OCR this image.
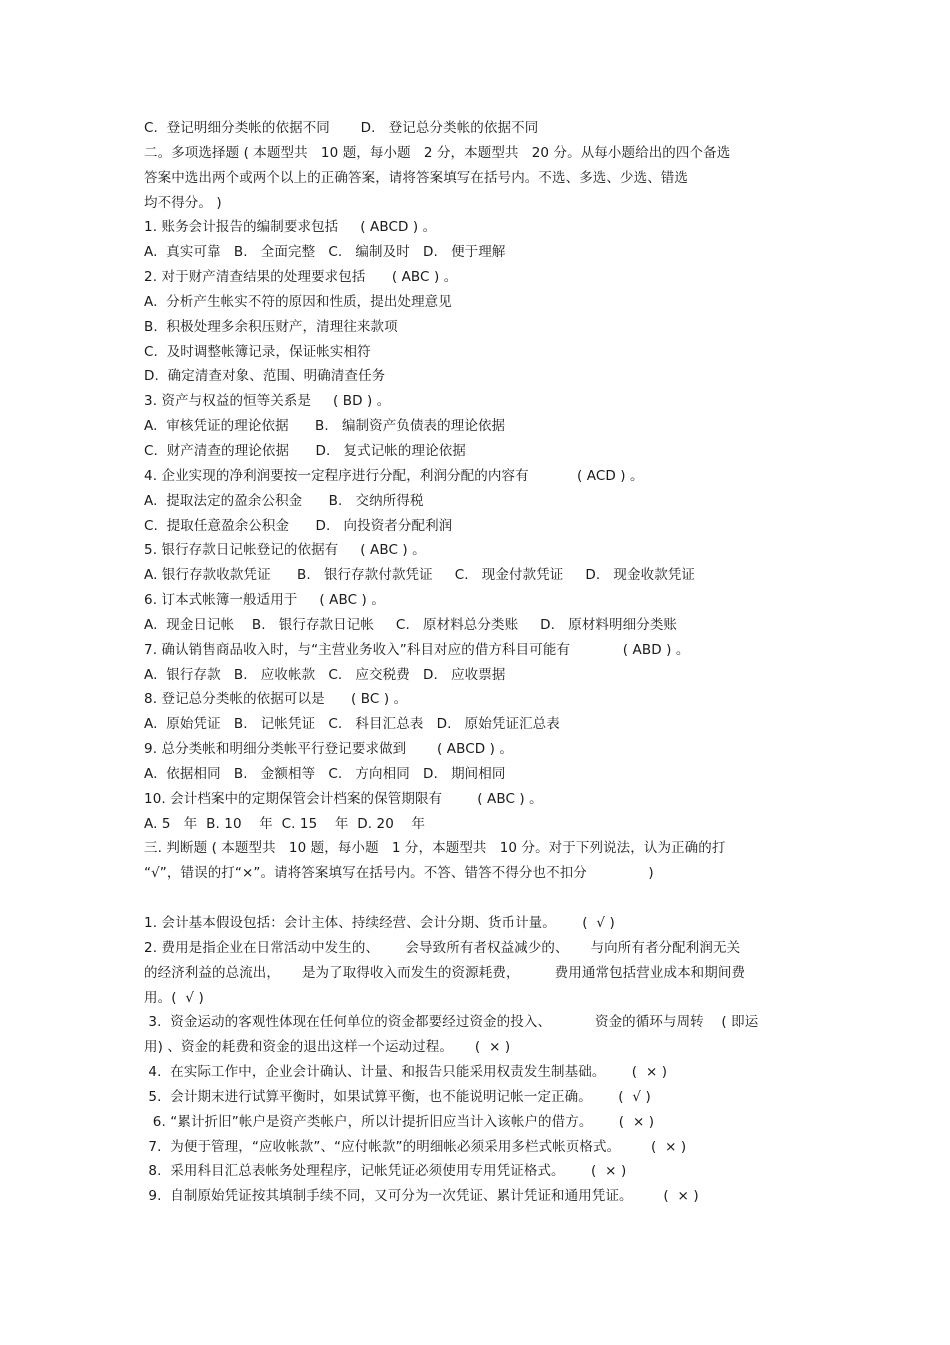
C.  登记明细分类帐的依据不同       D.   登记总分类帐的依据不同
二。多项选择题 ( 本题型共   10 题，每小题   2 分，本题型共   20 分。从每小题给出的四个备选
答案中选出两个或两个以上的正确答案，请将答案填写在括号内。不选、多选、少选、错选
均不得分。 )
1. 账务会计报告的编制要求包括     ( ABCD ) 。
A.  真实可靠   B.   全面完整   C.   编制及时   D.   便于理解
2. 对于财产清查结果的处理要求包括      ( ABC ) 。
A.  分析产生帐实不符的原因和性质，提出处理意见
B.  积极处理多余积压财产，清理往来款项
C.  及时调整帐簿记录，保证帐实相符
D.  确定清查对象、范围、明确清查任务
3. 资产与权益的恒等关系是     ( BD ) 。
A.  审核凭证的理论依据      B.   编制资产负债表的理论依据
C.  财产清查的理论依据      D.   复式记帐的理论依据
4. 企业实现的净利润要按一定程序进行分配，利润分配的内容有           ( ACD ) 。
A.  提取法定的盈余公积金      B.   交纳所得税
C.  提取任意盈余公积金      D.   向投资者分配利润
5. 银行存款日记帐登记的依据有     ( ABC ) 。
A. 银行存款收款凭证      B.   银行存款付款凭证     C.   现金付款凭证     D.   现金收款凭证
6. 订本式帐簿一般适用于     ( ABC ) 。
A.  现金日记帐    B.   银行存款日记帐     C.   原材料总分类账     D.   原材料明细分类账
7. 确认销售商品收入时，与“主营业务收入”科目对应的借方科目可能有            ( ABD ) 。
A.  银行存款   B.   应收帐款   C.   应交税费   D.   应收票据
8. 登记总分类帐的依据可以是      ( BC ) 。
A.  原始凭证   B.   记帐凭证   C.   科目汇总表   D.   原始凭证汇总表
9. 总分类帐和明细分类帐平行登记要求做到       ( ABCD ) 。
A.  依据相同   B.   金额相等   C.   方向相同   D.   期间相同
10. 会计档案中的定期保管会计档案的保管期限有        ( ABC ) 。
A. 5   年  B. 10    年  C. 15    年  D. 20    年
三. 判断题 ( 本题型共   10 题，每小题   1 分，本题型共   10 分。对于下列说法，认为正确的打
“√”，错误的打“×”。请将答案填写在括号内。不答、错答不得分也不扣分              )
1. 会计基本假设包括：会计主体、持续经营、会计分期、货币计量。      (  √ )
2. 费用是指企业在日常活动中发生的、      会导致所有者权益减少的、     与向所有者分配利润无关
的经济利益的总流出，     是为了取得收入而发生的资源耗费，        费用通常包括营业成本和期间费
用。(  √ )
3.  资金运动的客观性体现在任何单位的资金都要经过资金的投入、          资金的循环与周转    ( 即运
用) 、资金的耗费和资金的退出这样一个运动过程。     (  × )
4.  在实际工作中，企业会计确认、计量、和报告只能采用权责发生制基础。      (  × )
5.  会计期末进行试算平衡时，如果试算平衡，也不能说明记帐一定正确。      (  √ )
6. “累计折旧”帐户是资产类帐户，所以计提折旧应当计入该帐户的借方。      (  × )
7.  为便于管理，“应收帐款”、“应付帐款”的明细帐必须采用多栏式帐页格式。       (  × )
8.  采用科目汇总表帐务处理程序，记帐凭证必须使用专用凭证格式。      (  × )
9.  自制原始凭证按其填制手续不同，又可分为一次凭证、累计凭证和通用凭证。       (  × )
